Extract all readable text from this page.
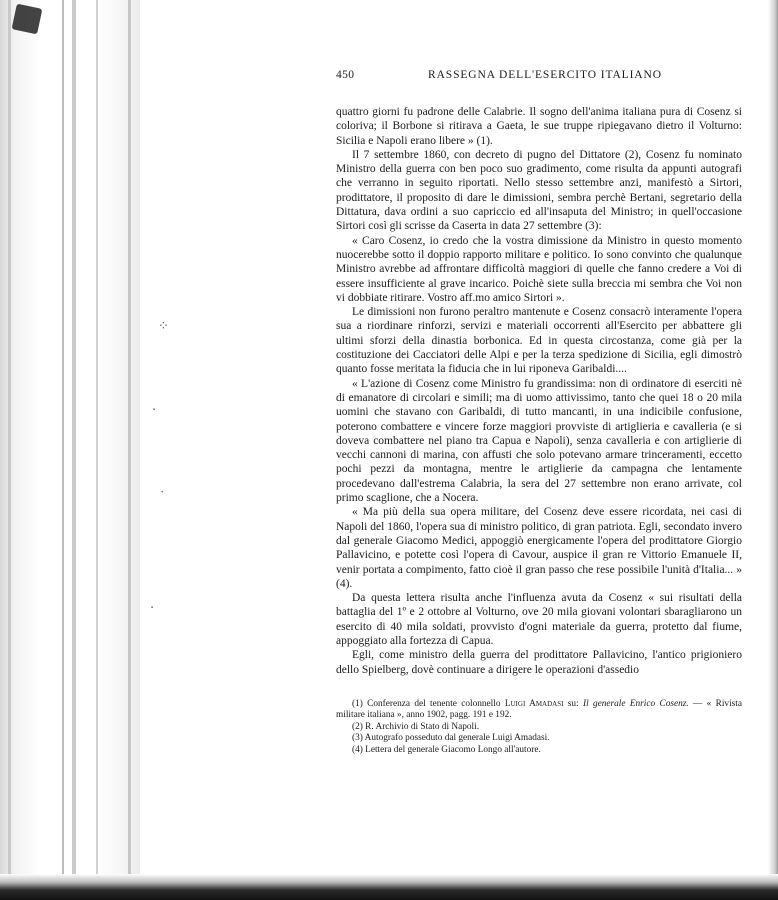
⁘
‧
·
‧
450	RASSEGNA DELL'ESERCITO ITALIANO

quattro giorni fu padrone delle Calabrie. Il sogno dell'anima italiana pura di Cosenz si coloriva; il Borbone si ritirava a Gaeta, le sue truppe ripiegavano dietro il Volturno: Sicilia e Napoli erano libere » (1).

Il 7 settembre 1860, con decreto di pugno del Dittatore (2), Cosenz fu nominato Ministro della guerra con ben poco suo gradimento, come risulta da appunti autografi che verranno in seguito riportati. Nello stesso settembre anzi, manifestò a Sirtori, prodittatore, il proposito di dare le dimissioni, sembra perchè Bertani, segretario della Dittatura, dava ordini a suo capriccio ed all'insaputa del Ministro; in quell'occasione Sirtori così gli scrisse da Caserta in data 27 settembre (3):

« Caro Cosenz, io credo che la vostra dimissione da Ministro in questo momento nuocerebbe sotto il doppio rapporto militare e politico. Io sono convinto che qualunque Ministro avrebbe ad affrontare difficoltà maggiori di quelle che fanno credere a Voi di essere insufficiente al grave incarico. Poichè siete sulla breccia mi sembra che Voi non vi dobbiate ritirare. Vostro aff.mo amico Sirtori ».

Le dimissioni non furono peraltro mantenute e Cosenz consacrò interamente l'opera sua a riordinare rinforzi, servizi e materiali occorrenti all'Esercito per abbattere gli ultimi sforzi della dinastia borbonica. Ed in questa circostanza, come già per la costituzione dei Cacciatori delle Alpi e per la terza spedizione di Sicilia, egli dimostrò quanto fosse meritata la fiducia che in lui riponeva Garibaldi....

« L'azione di Cosenz come Ministro fu grandissima: non di ordinatore di eserciti nè di emanatore di circolari e simili; ma di uomo attivissimo, tanto che quei 18 o 20 mila uomini che stavano con Garibaldi, di tutto mancanti, in una indicibile confusione, poterono combattere e vincere forze maggiori provviste di artiglieria e cavalleria (e si doveva combattere nel piano tra Capua e Napoli), senza cavalleria e con artiglierie di vecchi cannoni di marina, con affusti che solo potevano armare trinceramenti, eccetto pochi pezzi da montagna, mentre le artiglierie da campagna che lentamente procedevano dall'estrema Calabria, la sera del 27 settembre non erano arrivate, col primo scaglione, che a Nocera.

« Ma più della sua opera militare, del Cosenz deve essere ricordata, nei casi di Napoli del 1860, l'opera sua di ministro politico, di gran patriota. Egli, secondato invero dal generale Giacomo Medici, appoggiò energicamente l'opera del prodittatore Giorgio Pallavicino, e potette così l'opera di Cavour, auspice il gran re Vittorio Emanuele II, venir portata a compimento, fatto cioè il gran passo che rese possibile l'unità d'Italia... » (4).

Da questa lettera risulta anche l'influenza avuta da Cosenz « sui risultati della battaglia del 1º e 2 ottobre al Volturno, ove 20 mila giovani volontari sbaragliarono un esercito di 40 mila soldati, provvisto d'ogni materiale da guerra, protetto dal fiume, appoggiato alla fortezza di Capua.

Egli, come ministro della guerra del prodittatore Pallavicino, l'antico prigioniero dello Spielberg, dovè continuare a dirigere le operazioni d'assedio

(1) Conferenza del tenente colonnello Luigi Amadasi su: Il generale Enrico Cosenz. — « Rivista militare italiana », anno 1902, pagg. 191 e 192.

(2) R. Archivio di Stato di Napoli.

(3) Autografo posseduto dal generale Luigi Amadasi.

(4) Lettera del generale Giacomo Longo all'autore.
